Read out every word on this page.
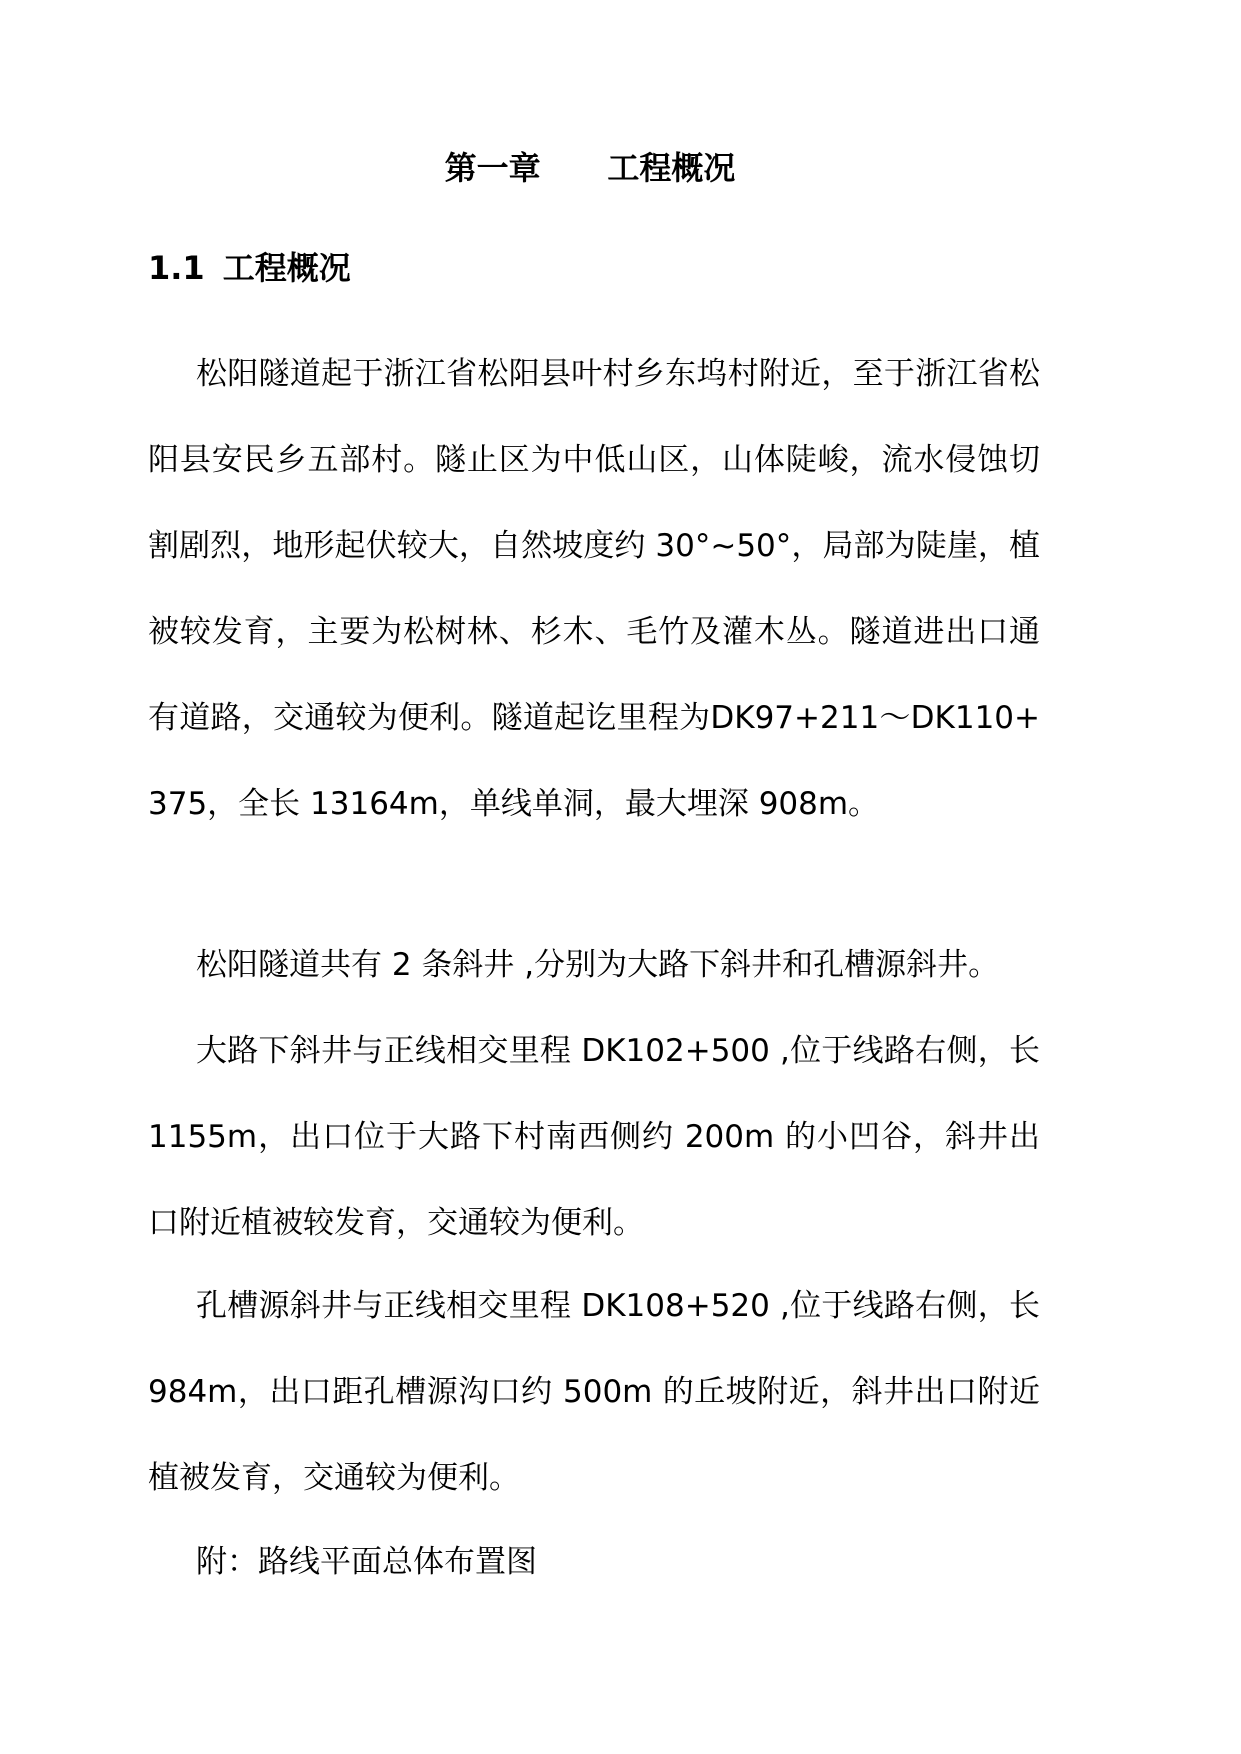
第一章      工程概况
1.1 工程概况

松阳隧道起于浙江省松阳县叶村乡东坞村附近，至于浙江省松阳县安民乡五部村。隧止区为中低山区，山体陡峻，流水侵蚀切割剧烈，地形起伏较大，自然坡度约 30°~50°，局部为陡崖，植被较发育，主要为松树林、杉木、毛竹及灌木丛。隧道进出口通有道路，交通较为便利。隧道起讫里程为DK97+211～DK110+375，全长 13164m，单线单洞，最大埋深 908m。

松阳隧道共有 2 条斜井 ,分别为大路下斜井和孔槽源斜井。

大路下斜井与正线相交里程 DK102+500 ,位于线路右侧，长 1155m，出口位于大路下村南西侧约 200m 的小凹谷，斜井出口附近植被较发育，交通较为便利。

孔槽源斜井与正线相交里程 DK108+520 ,位于线路右侧，长 984m，出口距孔槽源沟口约 500m 的丘坡附近，斜井出口附近植被发育，交通较为便利。

附：路线平面总体布置图
